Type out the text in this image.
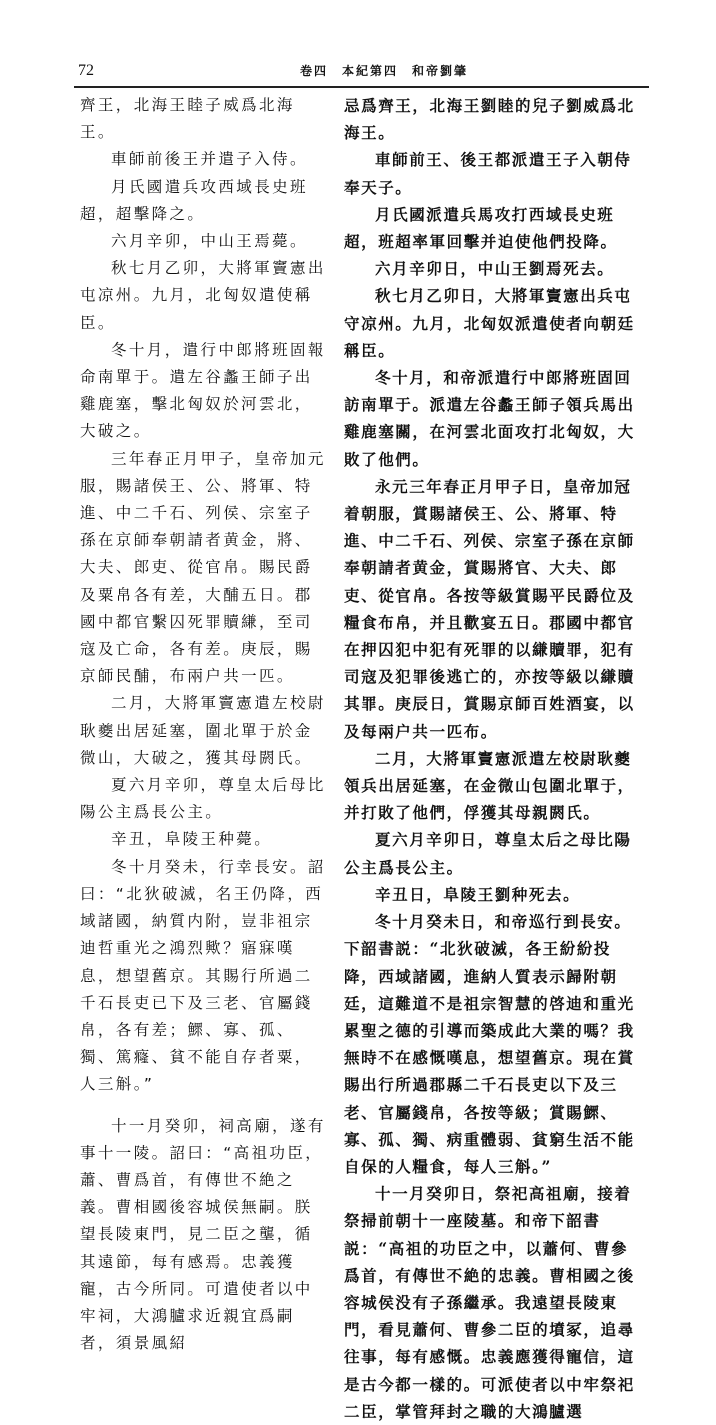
72	卷四　本紀第四　和帝劉肇

齊王，北海王睦子威爲北海王。

車師前後王并遣子入侍。

月氏國遣兵攻西域長史班超，超擊降之。

六月辛卯，中山王焉薨。

秋七月乙卯，大將軍竇憲出屯凉州。九月，北匈奴遣使稱臣。

冬十月，遣行中郎將班固報命南單于。遣左谷蠡王師子出雞鹿塞，擊北匈奴於河雲北，大破之。

三年春正月甲子，皇帝加元服，賜諸侯王、公、將軍、特進、中二千石、列侯、宗室子孫在京師奉朝請者黄金，將、大夫、郎吏、從官帛。賜民爵及粟帛各有差，大酺五日。郡國中都官繫囚死罪贖縑，至司寇及亡命，各有差。庚辰，賜京師民酺，布兩户共一匹。

二月，大將軍竇憲遣左校尉耿夔出居延塞，圍北單于於金微山，大破之，獲其母閼氏。

夏六月辛卯，尊皇太后母比陽公主爲長公主。

辛丑，阜陵王种薨。

冬十月癸未，行幸長安。詔曰：“北狄破滅，名王仍降，西域諸國，納質内附，豈非祖宗迪哲重光之鴻烈歟？寤寐嘆息，想望舊京。其賜行所過二千石長吏已下及三老、官屬錢帛，各有差；鰥、寡、孤、獨、篤癃、貧不能自存者粟，人三斛。”

十一月癸卯，祠高廟，遂有事十一陵。詔曰：“高祖功臣，蕭、曹爲首，有傳世不絶之義。曹相國後容城侯無嗣。朕望長陵東門，見二臣之壟，循其遠節，每有感焉。忠義獲寵，古今所同。可遣使者以中牢祠，大鴻臚求近親宜爲嗣者，須景風紹

忌爲齊王，北海王劉睦的兒子劉威爲北海王。

車師前王、後王都派遣王子入朝侍奉天子。

月氏國派遣兵馬攻打西域長史班超，班超率軍回擊并迫使他們投降。

六月辛卯日，中山王劉焉死去。

秋七月乙卯日，大將軍竇憲出兵屯守凉州。九月，北匈奴派遣使者向朝廷稱臣。

冬十月，和帝派遣行中郎將班固回訪南單于。派遣左谷蠡王師子領兵馬出雞鹿塞關，在河雲北面攻打北匈奴，大敗了他們。

永元三年春正月甲子日，皇帝加冠着朝服，賞賜諸侯王、公、將軍、特進、中二千石、列侯、宗室子孫在京師奉朝請者黄金，賞賜將官、大夫、郎吏、從官帛。各按等級賞賜平民爵位及糧食布帛，并且歡宴五日。郡國中都官在押囚犯中犯有死罪的以縑贖罪，犯有司寇及犯罪後逃亡的，亦按等級以縑贖其罪。庚辰日，賞賜京師百姓酒宴，以及每兩户共一匹布。

二月，大將軍竇憲派遣左校尉耿夔領兵出居延塞，在金微山包圍北單于，并打敗了他們，俘獲其母親閼氏。

夏六月辛卯日，尊皇太后之母比陽公主爲長公主。

辛丑日，阜陵王劉种死去。

冬十月癸未日，和帝巡行到長安。下韶書説：“北狄破滅，各王紛紛投降，西域諸國，進納人質表示歸附朝廷，這難道不是祖宗智慧的啓迪和重光累聖之德的引導而築成此大業的嗎？我無時不在感慨嘆息，想望舊京。現在賞賜出行所過郡縣二千石長吏以下及三老、官屬錢帛，各按等級；賞賜鰥、寡、孤、獨、病重體弱、貧窮生活不能自保的人糧食，每人三斛。”

十一月癸卯日，祭祀高祖廟，接着祭掃前朝十一座陵墓。和帝下韶書説：“高祖的功臣之中，以蕭何、曹參爲首，有傳世不絶的忠義。曹相國之後容城侯没有子孫繼承。我遠望長陵東門，看見蕭何、曹參二臣的墳冢，追尋往事，每有感慨。忠義應獲得寵信，這是古今都一樣的。可派使者以中牢祭祀二臣，掌管拜封之職的大鴻臚選
